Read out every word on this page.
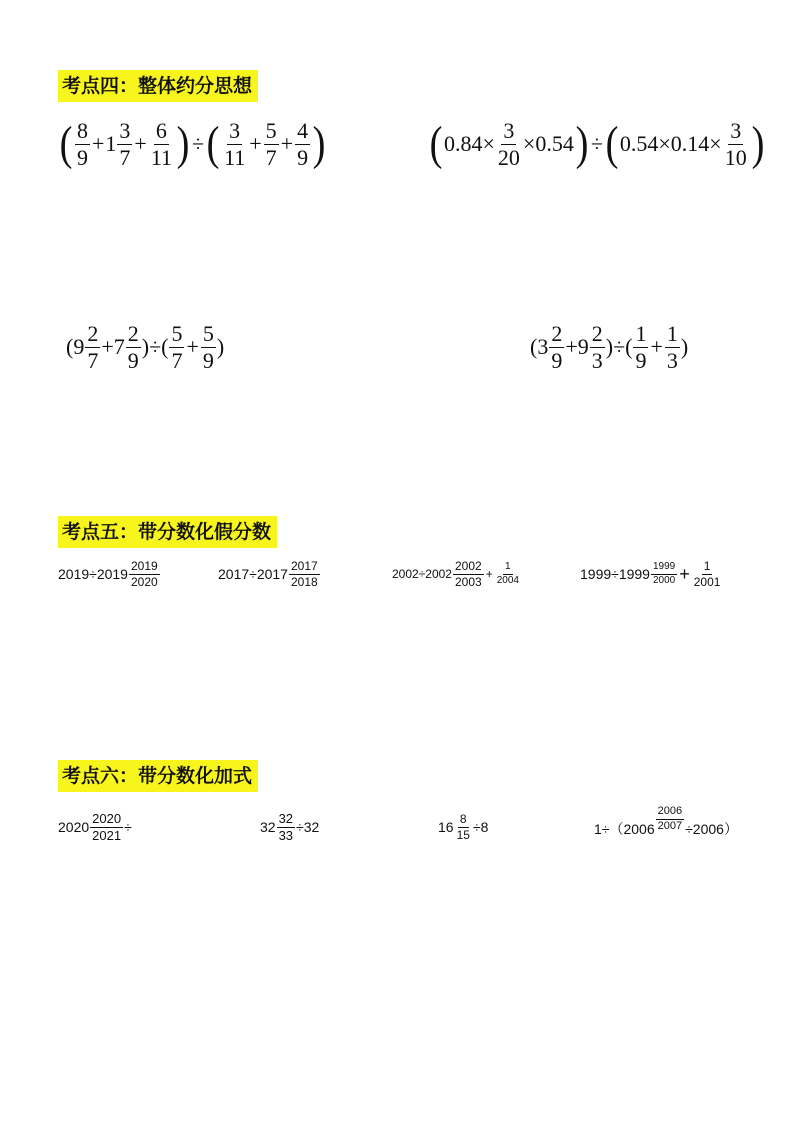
考点四：整体约分思想
( $\frac{8}{9} + 1 \frac{3}{7} + \frac{6}{11}$ ) ÷ ( $\frac{3}{11} + \frac{5}{7} + \frac{4}{9}$ ) ( $0.84\times \frac{3}{20} \times 0.54$ ) ÷ ( $0.54\times 0.14\times \frac{3}{10}$ )
($9 \frac{2}{7} +7 \frac{2}{9}$ )÷( $\frac{5}{7} + \frac{5}{9}$ )	($3 \frac{2}{9} +9 \frac{2}{3}$ )÷( $\frac{1}{9} + \frac{1}{3}$ )
考点五：带分数化假分数
$2019\div 2019 \frac{2019}{2020}$	$2017\div 2017 \frac{2017}{2018}$	$2002\div 2002 \frac{2002}{2003} + \frac{1}{2004}$	$1999\div 1999 \frac{1999}{2000} + \frac{1}{2001}$
考点六：带分数化加式
$2020 \frac{2020}{2021}$ ÷	$32 \frac{32}{33} \div 32$	$16 \frac{8}{15} \div 8$	$1\div(2006 \frac{2006}{2007} \div 2006)$
